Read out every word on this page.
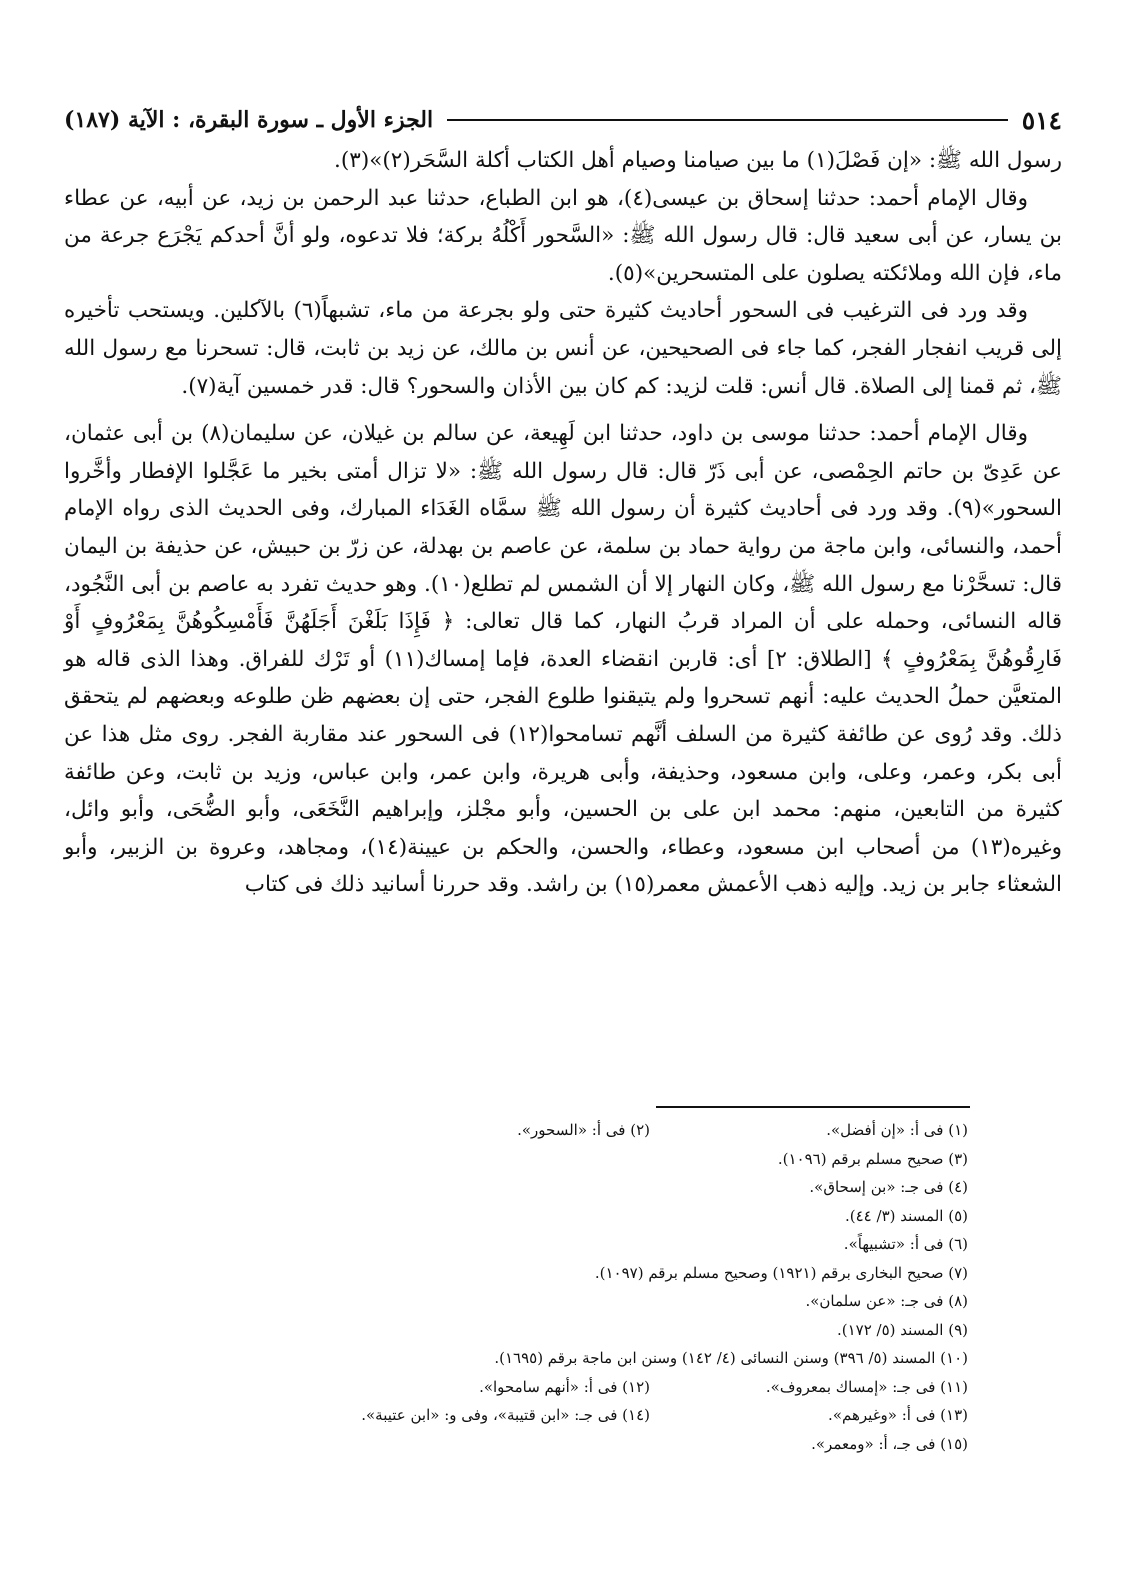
٥١٤
الجزء الأول ـ سورة البقرة، : الآية (١٨٧)

رسول الله ﷺ: «إن فَصْلَ(١) ما بين صيامنا وصيام أهل الكتاب أكلة السَّحَر(٢)»(٣).

وقال الإمام أحمد: حدثنا إسحاق بن عيسى(٤)، هو ابن الطباع، حدثنا عبد الرحمن بن زيد، عن أبيه، عن عطاء بن يسار، عن أبى سعيد قال: قال رسول الله ﷺ: «السَّحور أَكْلُهُ بركة؛ فلا تدعوه، ولو أنَّ أحدكم يَجْرَع جرعة من ماء، فإن الله وملائكته يصلون على المتسحرين»(٥).

وقد ورد فى الترغيب فى السحور أحاديث كثيرة حتى ولو بجرعة من ماء، تشبهاً(٦) بالآكلين. ويستحب تأخيره إلى قريب انفجار الفجر، كما جاء فى الصحيحين، عن أنس بن مالك، عن زيد بن ثابت، قال: تسحرنا مع رسول الله ﷺ، ثم قمنا إلى الصلاة. قال أنس: قلت لزيد: كم كان بين الأذان والسحور؟ قال: قدر خمسين آية(٧).

وقال الإمام أحمد: حدثنا موسى بن داود، حدثنا ابن لَهِيعة، عن سالم بن غيلان، عن سليمان(٨) بن أبى عثمان، عن عَدِىّ بن حاتم الحِمْصى، عن أبى ذَرّ قال: قال رسول الله ﷺ: «لا تزال أمتى بخير ما عَجَّلوا الإفطار وأخَّروا السحور»(٩). وقد ورد فى أحاديث كثيرة أن رسول الله ﷺ سمَّاه الغَدَاء المبارك، وفى الحديث الذى رواه الإمام أحمد، والنسائى، وابن ماجة من رواية حماد بن سلمة، عن عاصم بن بهدلة، عن زرّ بن حبيش، عن حذيفة بن اليمان قال: تسحَّرْنا مع رسول الله ﷺ، وكان النهار إلا أن الشمس لم تطلع(١٠). وهو حديث تفرد به عاصم بن أبى النَّجُود، قاله النسائى، وحمله على أن المراد قربُ النهار، كما قال تعالى: ﴿ فَإِذَا بَلَغْنَ أَجَلَهُنَّ فَأَمْسِكُوهُنَّ بِمَعْرُوفٍ أَوْ فَارِقُوهُنَّ بِمَعْرُوفٍ ﴾ [الطلاق: ٢] أى: قاربن انقضاء العدة، فإما إمساك(١١) أو تَرْك للفراق. وهذا الذى قاله هو المتعيَّن حملُ الحديث عليه: أنهم تسحروا ولم يتيقنوا طلوع الفجر، حتى إن بعضهم ظن طلوعه وبعضهم لم يتحقق ذلك. وقد رُوى عن طائفة كثيرة من السلف أنَّهم تسامحوا(١٢) فى السحور عند مقاربة الفجر. روى مثل هذا عن أبى بكر، وعمر، وعلى، وابن مسعود، وحذيفة، وأبى هريرة، وابن عمر، وابن عباس، وزيد بن ثابت، وعن طائفة كثيرة من التابعين، منهم: محمد ابن على بن الحسين، وأبو مجْلز، وإبراهيم النَّخَعَى، وأبو الضُّحَى، وأبو وائل، وغيره(١٣) من أصحاب ابن مسعود، وعطاء، والحسن، والحكم بن عيينة(١٤)، ومجاهد، وعروة بن الزبير، وأبو الشعثاء جابر بن زيد. وإليه ذهب الأعمش معمر(١٥) بن راشد. وقد حررنا أسانيد ذلك فى كتاب

(١) فى أ: «إن أفضل».
(٢) فى أ: «السحور».
(٣) صحيح مسلم برقم (١٠٩٦).
(٤) فى جـ: «بن إسحاق».
(٥) المسند (٣/ ٤٤).
(٦) فى أ: «تشبيهاً».
(٧) صحيح البخارى برقم (١٩٢١) وصحيح مسلم برقم (١٠٩٧).
(٨) فى جـ: «عن سلمان».
(٩) المسند (٥/ ١٧٢).
(١٠) المسند (٥/ ٣٩٦) وسنن النسائى (٤/ ١٤٢) وسنن ابن ماجة برقم (١٦٩٥).
(١١) فى جـ: «إمساك بمعروف».
(١٢) فى أ: «أنهم سامحوا».
(١٣) فى أ: «وغيرهم».
(١٤) فى جـ: «ابن قتيبة»، وفى و: «ابن عتيبة».
(١٥) فى جـ، أ: «ومعمر».
